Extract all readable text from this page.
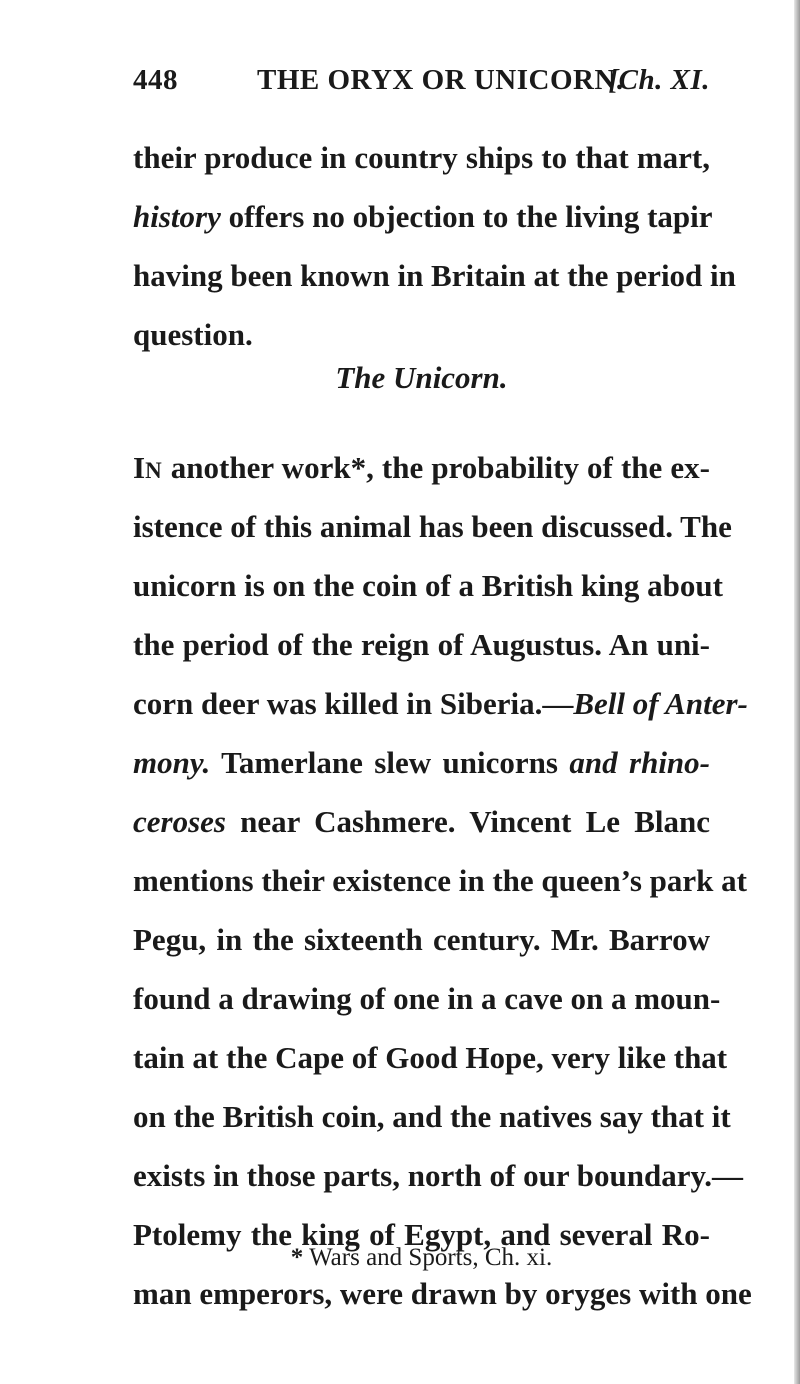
448	THE ORYX OR UNICORN.
[Ch. XI.
their produce in country ships to that mart,
history offers no objection to the living tapir
having been known in Britain at the period in
question.
The Unicorn.
IN another work*, the probability of the ex-
istence of this animal has been discussed. The
unicorn is on the coin of a British king about
the period of the reign of Augustus. An uni-
corn deer was killed in Siberia.—Bell of Anter-
mony. Tamerlane slew unicorns and rhino-
ceroses near Cashmere. Vincent Le Blanc
mentions their existence in the queen’s park at
Pegu, in the sixteenth century. Mr. Barrow
found a drawing of one in a cave on a moun-
tain at the Cape of Good Hope, very like that
on the British coin, and the natives say that it
exists in those parts, north of our boundary.—
Ptolemy the king of Egypt, and several Ro-
man emperors, were drawn by oryges with one
* Wars and Sports, Ch. xi.
